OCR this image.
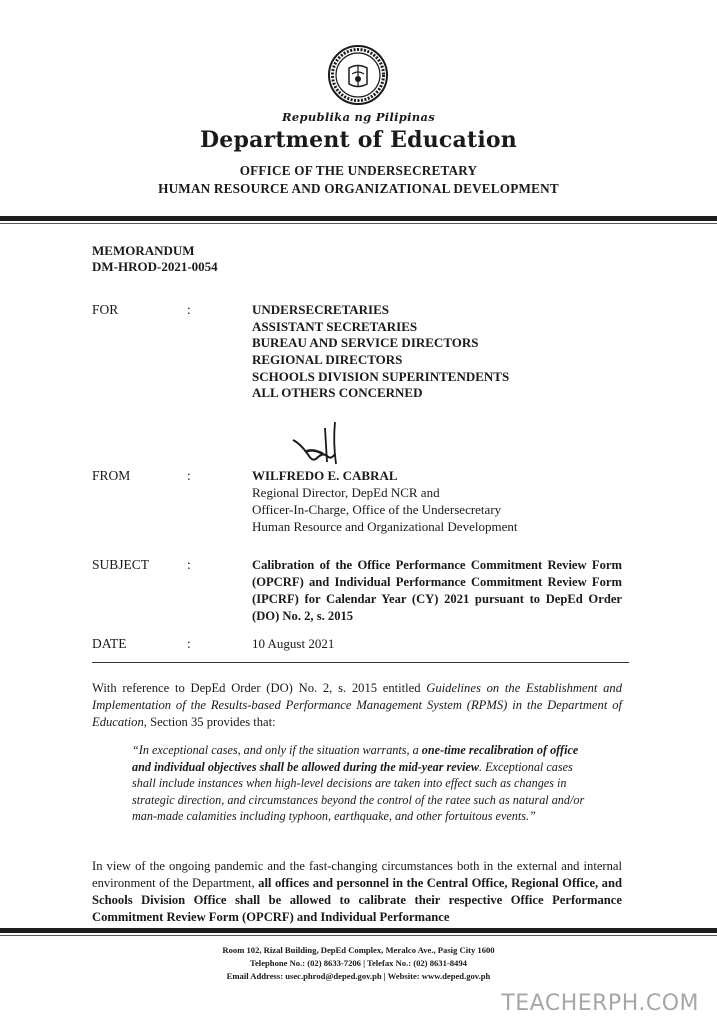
Republika ng Pilipinas
Department of Education
OFFICE OF THE UNDERSECRETARY
HUMAN RESOURCE AND ORGANIZATIONAL DEVELOPMENT
MEMORANDUM
DM-HROD-2021-0054
FOR	:	UNDERSECRETARIES
ASSISTANT SECRETARIES
BUREAU AND SERVICE DIRECTORS
REGIONAL DIRECTORS
SCHOOLS DIVISION SUPERINTENDENTS
ALL OTHERS CONCERNED
FROM	:	WILFREDO E. CABRAL
Regional Director, DepEd NCR and
Officer-In-Charge, Office of the Undersecretary
Human Resource and Organizational Development
SUBJECT	:	Calibration of the Office Performance Commitment Review Form (OPCRF) and Individual Performance Commitment Review Form (IPCRF) for Calendar Year (CY) 2021 pursuant to DepEd Order (DO) No. 2, s. 2015
DATE	:	10 August 2021
With reference to DepEd Order (DO) No. 2, s. 2015 entitled Guidelines on the Establishment and Implementation of the Results-based Performance Management System (RPMS) in the Department of Education, Section 35 provides that:
“In exceptional cases, and only if the situation warrants, a one-time recalibration of office and individual objectives shall be allowed during the mid-year review. Exceptional cases shall include instances when high-level decisions are taken into effect such as changes in strategic direction, and circumstances beyond the control of the ratee such as natural and/or man-made calamities including typhoon, earthquake, and other fortuitous events.”
In view of the ongoing pandemic and the fast-changing circumstances both in the external and internal environment of the Department, all offices and personnel in the Central Office, Regional Office, and Schools Division Office shall be allowed to calibrate their respective Office Performance Commitment Review Form (OPCRF) and Individual Performance
Room 102, Rizal Building, DepEd Complex, Meralco Ave., Pasig City 1600
Telephone No.: (02) 8633-7206 | Telefax No.: (02) 8631-8494
Email Address: usec.phrod@deped.gov.ph | Website: www.deped.gov.ph
TEACHERPH.COM
